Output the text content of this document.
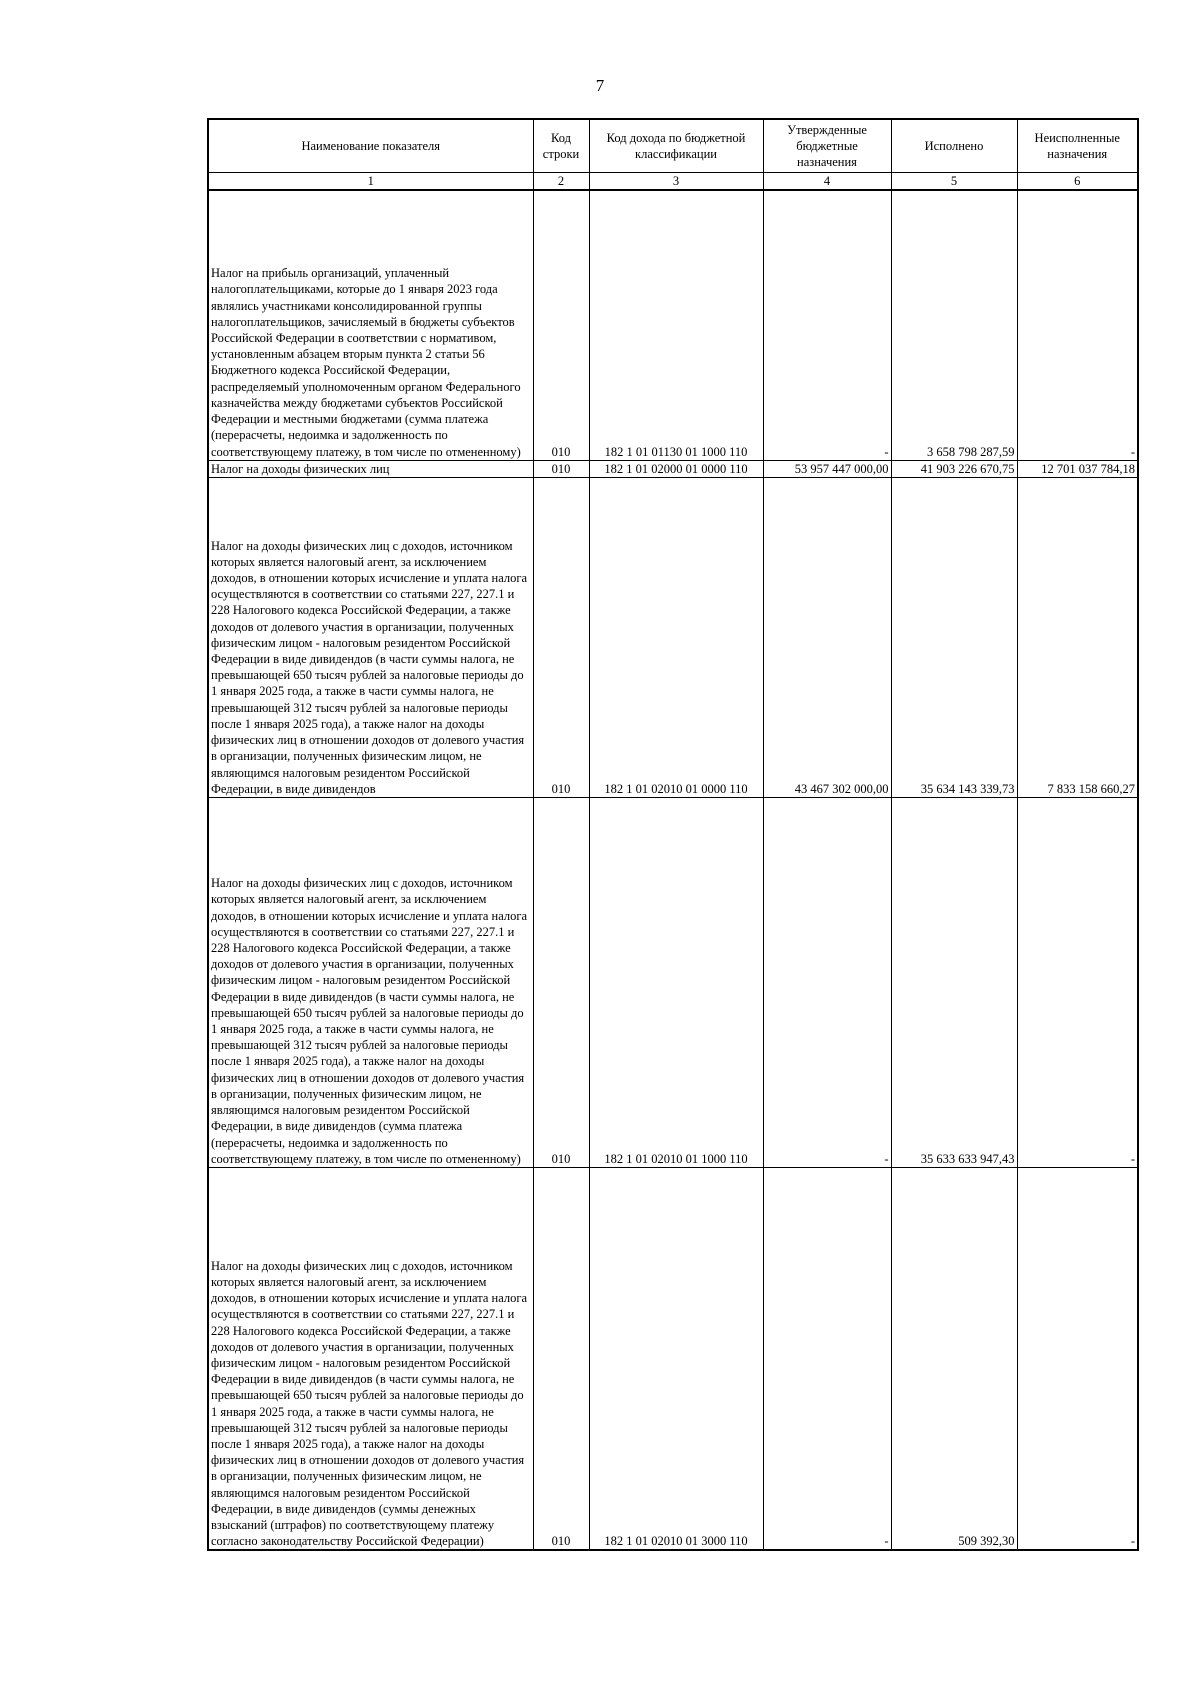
7
Наименование показателя	Код строки	Код дохода по бюджетной классификации	Утвержденные бюджетные назначения	Исполнено	Неисполненные назначения
1	2	3	4	5	6
Налог на прибыль организаций, уплаченный налогоплательщиками, которые до 1 января 2023 года являлись участниками консолидированной группы налогоплательщиков, зачисляемый в бюджеты субъектов Российской Федерации в соответствии с нормативом, установленным абзацем вторым пункта 2 статьи 56 Бюджетного кодекса Российской Федерации, распределяемый уполномоченным органом Федерального казначейства между бюджетами субъектов Российской Федерации и местными бюджетами (сумма платежа (перерасчеты, недоимка и задолженность по соответствующему платежу, в том числе по отмененному)	010	182 1 01 01130 01 1000 110	-	3 658 798 287,59	-
Налог на доходы физических лиц	010	182 1 01 02000 01 0000 110	53 957 447 000,00	41 903 226 670,75	12 701 037 784,18
Налог на доходы физических лиц с доходов, источником которых является налоговый агент, за исключением доходов, в отношении которых исчисление и уплата налога осуществляются в соответствии со статьями 227, 227.1 и 228 Налогового кодекса Российской Федерации, а также доходов от долевого участия в организации, полученных физическим лицом - налоговым резидентом Российской Федерации в виде дивидендов (в части суммы налога, не превышающей 650 тысяч рублей за налоговые периоды до 1 января 2025 года, а также в части суммы налога, не превышающей 312 тысяч рублей за налоговые периоды после 1 января 2025 года), а также налог на доходы физических лиц в отношении доходов от долевого участия в организации, полученных физическим лицом, не являющимся налоговым резидентом Российской Федерации, в виде дивидендов	010	182 1 01 02010 01 0000 110	43 467 302 000,00	35 634 143 339,73	7 833 158 660,27
Налог на доходы физических лиц с доходов, источником которых является налоговый агент, за исключением доходов, в отношении которых исчисление и уплата налога осуществляются в соответствии со статьями 227, 227.1 и 228 Налогового кодекса Российской Федерации, а также доходов от долевого участия в организации, полученных физическим лицом - налоговым резидентом Российской Федерации в виде дивидендов (в части суммы налога, не превышающей 650 тысяч рублей за налоговые периоды до 1 января 2025 года, а также в части суммы налога, не превышающей 312 тысяч рублей за налоговые периоды после 1 января 2025 года), а также налог на доходы физических лиц в отношении доходов от долевого участия в организации, полученных физическим лицом, не являющимся налоговым резидентом Российской Федерации, в виде дивидендов (сумма платежа (перерасчеты, недоимка и задолженность по соответствующему платежу, в том числе по отмененному)	010	182 1 01 02010 01 1000 110	-	35 633 633 947,43	-
Налог на доходы физических лиц с доходов, источником которых является налоговый агент, за исключением доходов, в отношении которых исчисление и уплата налога осуществляются в соответствии со статьями 227, 227.1 и 228 Налогового кодекса Российской Федерации, а также доходов от долевого участия в организации, полученных физическим лицом - налоговым резидентом Российской Федерации в виде дивидендов (в части суммы налога, не превышающей 650 тысяч рублей за налоговые периоды до 1 января 2025 года, а также в части суммы налога, не превышающей 312 тысяч рублей за налоговые периоды после 1 января 2025 года), а также налог на доходы физических лиц в отношении доходов от долевого участия в организации, полученных физическим лицом, не являющимся налоговым резидентом Российской Федерации, в виде дивидендов (суммы денежных взысканий (штрафов) по соответствующему платежу согласно законодательству Российской Федерации)	010	182 1 01 02010 01 3000 110	-	509 392,30	-
